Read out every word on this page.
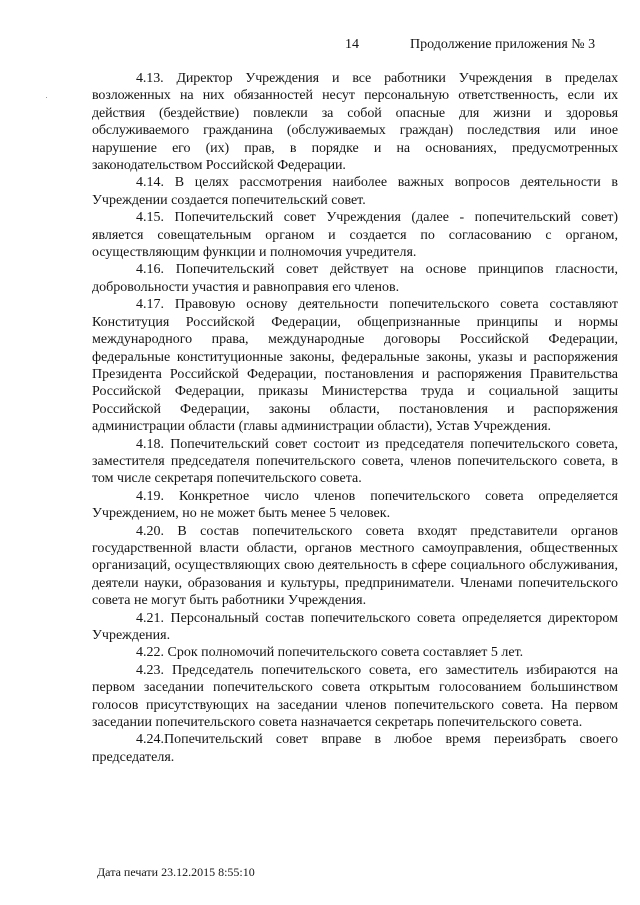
14	Продолжение приложения № 3

4.13. Директор Учреждения и все работники Учреждения в пределах возложенных на них обязанностей несут персональную ответственность, если их действия (бездействие) повлекли за собой опасные для жизни и здоровья обслуживаемого гражданина (обслуживаемых граждан) последствия или иное нарушение его (их) прав, в порядке и на основаниях, предусмотренных законодательством Российской Федерации.

4.14. В целях рассмотрения наиболее важных вопросов деятельности в Учреждении создается попечительский совет.

4.15. Попечительский совет Учреждения (далее - попечительский совет) является совещательным органом и создается по согласованию с органом, осуществляющим функции и полномочия учредителя.

4.16. Попечительский совет действует на основе принципов гласности, добровольности участия и равноправия его членов.

4.17. Правовую основу деятельности попечительского совета составляют Конституция Российской Федерации, общепризнанные принципы и нормы международного права, международные договоры Российской Федерации, федеральные конституционные законы, федеральные законы, указы и распоряжения Президента Российской Федерации, постановления и распоряжения Правительства Российской Федерации, приказы Министерства труда и социальной защиты Российской Федерации, законы области, постановления и распоряжения администрации области (главы администрации области), Устав Учреждения.

4.18. Попечительский совет состоит из председателя попечительского совета, заместителя председателя попечительского совета, членов попечительского совета, в том числе секретаря попечительского совета.

4.19. Конкретное число членов попечительского совета определяется Учреждением, но не может быть менее 5 человек.

4.20. В состав попечительского совета входят представители органов государственной власти области, органов местного самоуправления, общественных организаций, осуществляющих свою деятельность в сфере социального обслуживания, деятели науки, образования и культуры, предприниматели. Членами попечительского совета не могут быть работники Учреждения.

4.21. Персональный состав попечительского совета определяется директором Учреждения.

4.22. Срок полномочий попечительского совета составляет 5 лет.

4.23. Председатель попечительского совета, его заместитель избираются на первом заседании попечительского совета открытым голосованием большинством голосов присутствующих на заседании членов попечительского совета. На первом заседании попечительского совета назначается секретарь попечительского совета.

4.24.Попечительский совет вправе в любое время переизбрать своего председателя.

Дата печати 23.12.2015 8:55:10
